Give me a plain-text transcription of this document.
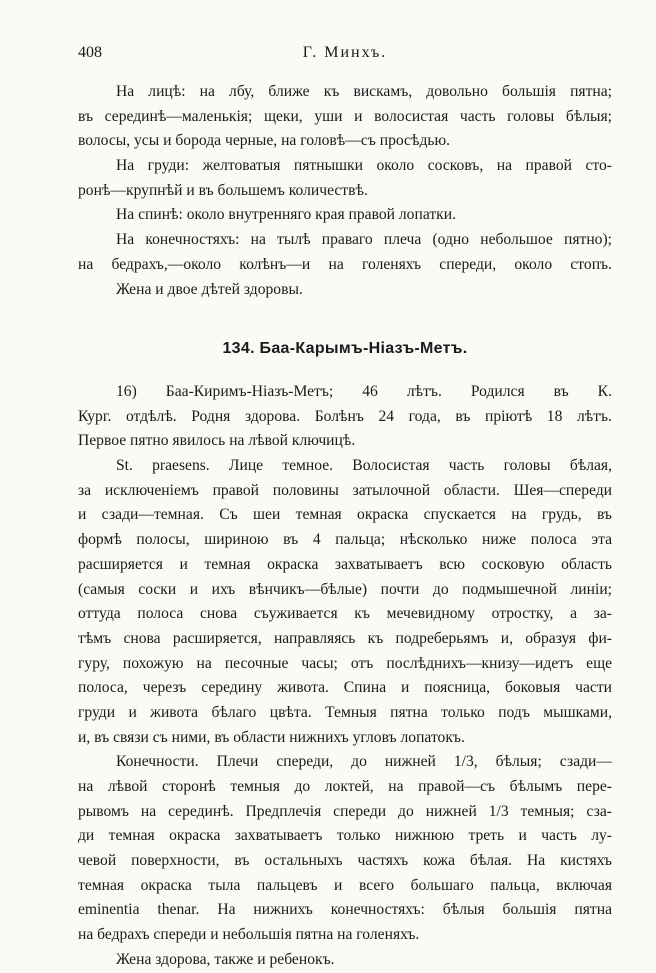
408	Г. Минхъ.
На лицѣ: на лбу, ближе къ вискамъ, довольно большія пятна;
въ серединѣ—маленькія; щеки, уши и волосистая часть головы бѣлыя;
волосы, усы и борода черные, на головѣ—съ просѣдью.
На груди: желтоватыя пятнышки около сосковъ, на правой сто-
ронѣ—крупнѣй и въ большемъ количествѣ.
На спинѣ: около внутренняго края правой лопатки.
На конечностяхъ: на тылѣ праваго плеча (одно небольшое пятно);
на бедрахъ,—около колѣнъ—и на голеняхъ спереди, около стопъ.
Жена и двое дѣтей здоровы.
134. Баа-Карымъ-Ніазъ-Метъ.
16) Баа-Киримъ-Ніазъ-Метъ; 46 лѣтъ. Родился въ К.
Кург. отдѣлѣ. Родня здорова. Болѣнъ 24 года, въ пріютѣ 18 лѣтъ.
Первое пятно явилось на лѣвой ключицѣ.
St. praesens. Лице темное. Волосистая часть головы бѣлая,
за исключеніемъ правой половины затылочной области. Шея—спереди
и сзади—темная. Съ шеи темная окраска спускается на грудь, въ
формѣ полосы, шириною въ 4 пальца; нѣсколько ниже полоса эта
расширяется и темная окраска захватываетъ всю сосковую область
(самыя соски и ихъ вѣнчикъ—бѣлые) почти до подмышечной линіи;
оттуда полоса снова съуживается къ мечевидному отростку, а за-
тѣмъ снова расширяется, направляясь къ подреберьямъ и, образуя фи-
гуру, похожую на песочные часы; отъ послѣднихъ—книзу—идетъ еще
полоса, черезъ середину живота. Спина и поясница, боковыя части
груди и живота бѣлаго цвѣта. Темныя пятна только подъ мышками,
и, въ связи съ ними, въ области нижнихъ угловъ лопатокъ.
Конечности. Плечи спереди, до нижней 1/3, бѣлыя; сзади—
на лѣвой сторонѣ темныя до локтей, на правой—съ бѣлымъ пере-
рывомъ на серединѣ. Предплечія спереди до нижней 1/3 темныя; сза-
ди темная окраска захватываетъ только нижнюю треть и часть лу-
чевой поверхности, въ остальныхъ частяхъ кожа бѣлая. На кистяхъ
темная окраска тыла пальцевъ и всего большаго пальца, включая
eminentia thenar. На нижнихъ конечностяхъ: бѣлыя большія пятна
на бедрахъ спереди и небольшія пятна на голеняхъ.
Жена здорова, также и ребенокъ.
